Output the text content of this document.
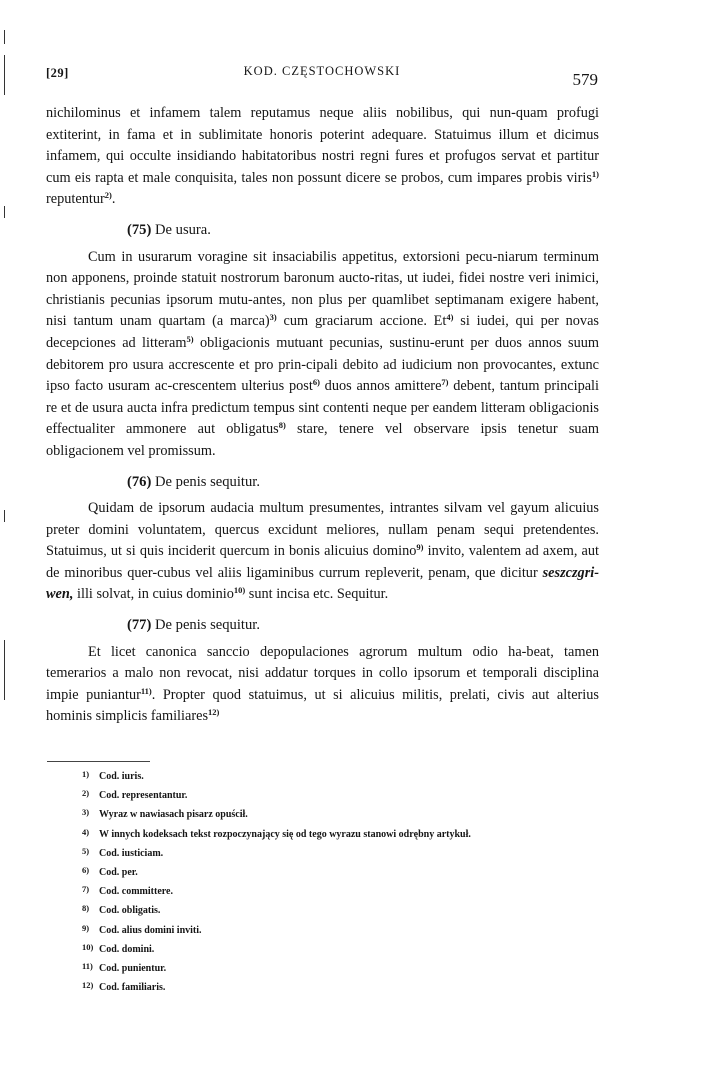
[29]	KOD. CZĘSTOCHOWSKI	579

nichilominus et infamem talem reputamus neque aliis nobilibus, qui nun-quam profugi extiterint, in fama et in sublimitate honoris poterint adequare. Statuimus illum et dicimus infamem, qui occulte insidiando habitatoribus nostri regni fures et profugos servat et partitur cum eis rapta et male conquisita, tales non possunt dicere se probos, cum impares probis viris$^{1)}$ reputentur$^{2)}$.

(75) De usura.

Cum in usurarum voragine sit insaciabilis appetitus, extorsioni pecu-niarum terminum non apponens, proinde statuit nostrorum baronum aucto-ritas, ut iudei, fidei nostre veri inimici, christianis pecunias ipsorum mutu-antes, non plus per quamlibet septimanam exigere habent, nisi tantum unam quartam (a marca)$^{3)}$ cum graciarum accione. Et$^{4)}$ si iudei, qui per novas decepciones ad litteram$^{5)}$ obligacionis mutuant pecunias, sustinu-erunt per duos annos suum debitorem pro usura accrescente et pro prin-cipali debito ad iudicium non provocantes, extunc ipso facto usuram ac-crescentem ulterius post$^{6)}$ duos annos amittere$^{7)}$ debent, tantum principali re et de usura aucta infra predictum tempus sint contenti neque per eandem litteram obligacionis effectualiter ammonere aut obligatus$^{8)}$ stare, tenere vel observare ipsis tenetur suam obligacionem vel promissum.

(76) De penis sequitur.

Quidam de ipsorum audacia multum presumentes, intrantes silvam vel gayum alicuius preter domini voluntatem, quercus excidunt meliores, nullam penam sequi pretendentes. Statuimus, ut si quis inciderit quercum in bonis alicuius domino$^{9)}$ invito, valentem ad axem, aut de minoribus quer-cubus vel aliis ligaminibus currum repleverit, penam, que dicitur seszczgri-wen, illi solvat, in cuius dominio$^{10)}$ sunt incisa etc. Sequitur.

(77) De penis sequitur.

Et licet canonica sanccio depopulaciones agrorum multum odio ha-beat, tamen temerarios a malo non revocat, nisi addatur torques in collo ipsorum et temporali disciplina impie puniantur$^{11)}$. Propter quod statuimus, ut si alicuius militis, prelati, civis aut alterius hominis simplicis familiares$^{12)}$

1) Cod. iuris.
2) Cod. representantur.
3) Wyraz w nawiasach pisarz opuścił.
4) W innych kodeksach tekst rozpoczynający się od tego wyrazu stanowi odrębny artykuł.
5) Cod. iusticiam.
6) Cod. per.
7) Cod. committere.
8) Cod. obligatis.
9) Cod. alius domini inviti.
10) Cod. domini.
11) Cod. punientur.
12) Cod. familiaris.
